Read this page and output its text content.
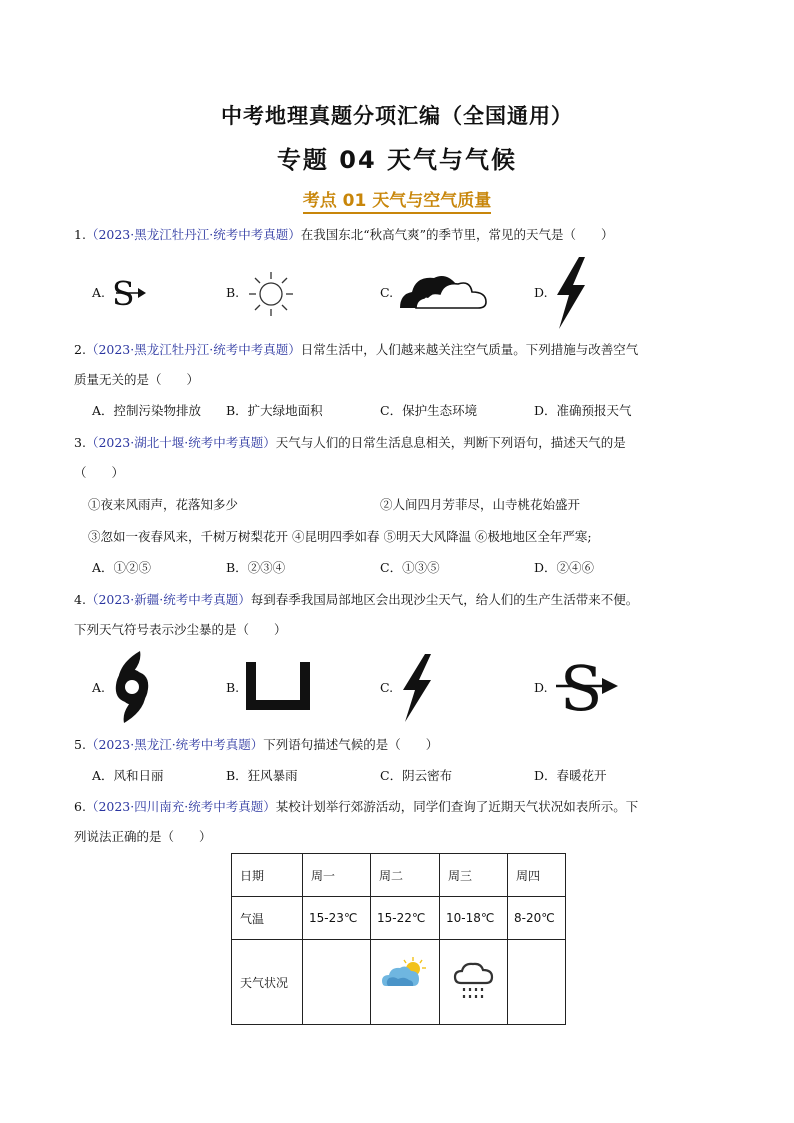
中考地理真题分项汇编（全国通用）
专题 04 天气与气候
考点 01 天气与空气质量
1.（2023·黑龙江牡丹江·统考中考真题）在我国东北“秋高气爽”的季节里，常见的天气是（　　）
A. S	B.	C.	D.
2.（2023·黑龙江牡丹江·统考中考真题）日常生活中，人们越来越关注空气质量。下列措施与改善空气
质量无关的是（　　）
A．控制污染物排放 B．扩大绿地面积	C．保护生态环境	D．准确预报天气
3.（2023·湖北十堰·统考中考真题）天气与人们的日常生活息息相关，判断下列语句，描述天气的是
（　　）
①夜来风雨声，花落知多少	②人间四月芳菲尽，山寺桃花始盛开
③忽如一夜春风来，千树万树梨花开 ④昆明四季如春 ⑤明天大风降温 ⑥极地地区全年严寒;
A．①②⑤	B．②③④	C．①③⑤	D．②④⑥
4.（2023·新疆·统考中考真题）每到春季我国局部地区会出现沙尘天气，给人们的生产生活带来不便。
下列天气符号表示沙尘暴的是（　　）
A.	B.	C.	D. S
5.（2023·黑龙江·统考中考真题）下列语句描述气候的是（　　）
A．风和日丽	B．狂风暴雨	C．阴云密布	D．春暖花开
6.（2023·四川南充·统考中考真题）某校计划举行郊游活动，同学们查询了近期天气状况如表所示。下
列说法正确的是（　　）
日期	周一	周二	周三	周四
气温	15-23℃	15-22℃	10-18℃	8-20℃
天气状况				
